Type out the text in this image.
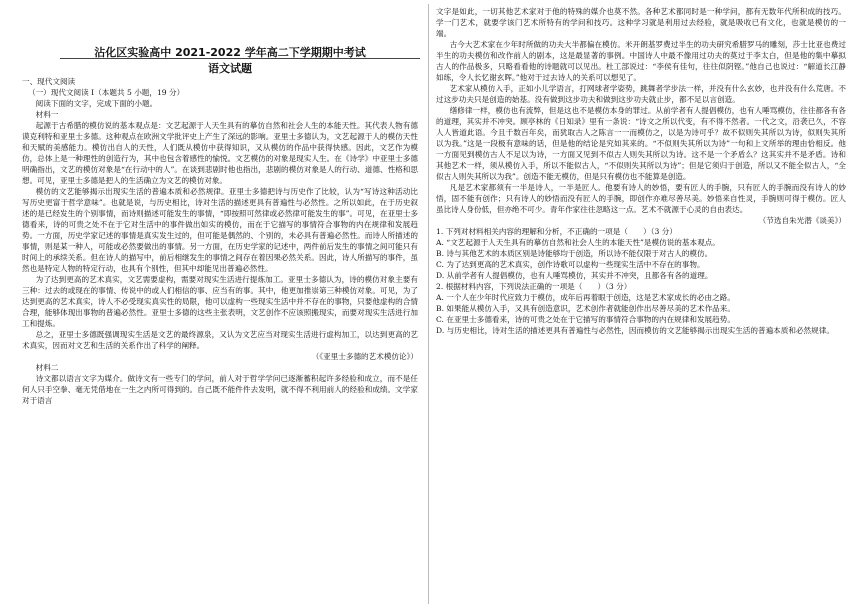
沾化区实验高中 2021-2022 学年高二下学期期中考试
语文试题

一、现代文阅读

（一）现代文阅读 I（本题共 5 小题，19 分）

阅读下面的文字，完成下面的小题。

材料一

起源于古希腊的模仿说的基本观点是：文艺起源于人天生具有的摹仿自然和社会人生的本能天性。其代表人物有德谟克利特和亚里士多德。这种观点在欧洲文学批评史上产生了深远的影响。亚里士多德认为，文艺起源于人的模仿天性和天赋的美感能力。模仿出自人的天性，人们既从模仿中获得知识，又从模仿的作品中获得快感。因此，文艺作为模仿，总体上是一种理性的创造行为，其中也包含着感性的愉悦。文艺模仿的对象是现实人生。在《诗学》中亚里士多德明确指出，文艺的模仿对象是“在行动中的人”。在谈到悲剧时他也指出，悲剧的模仿对象是人的行动、道德、性格和思想。可见，亚里士多德是把人的生活确立为文艺的模仿对象。

模仿的文艺能够揭示出现实生活的普遍本质和必然规律。亚里士多德把诗与历史作了比较，认为“写诗这种活动比写历史更富于哲学意味”。也就是说，与历史相比，诗对生活的描述更具有普遍性与必然性。之所以如此，在于历史叙述的是已经发生的个别事情，而诗则描述可能发生的事情，“即按照可然律或必然律可能发生的事”。可见，在亚里士多德看来，诗的可贵之处不在于它对生活中的事件做出如实的模仿，而在于它描写的事情符合事物的内在规律和发展趋势。一方面，历史学家记述的事情是真实发生过的，但可能是偶然的、个别的，未必具有普遍必然性。而诗人所描述的事情，则是某一种人，可能或必然要做出的事情。另一方面，在历史学家的记述中，两件前后发生的事情之间可能只有时间上的承续关系。但在诗人的描写中，前后相继发生的事情之间存在着因果必然关系。因此，诗人所描写的事件，虽然也是特定人物的特定行动，也具有个别性，但其中却能见出普遍必然性。

为了达到更高的艺术真实，文艺需要虚构，需要对现实生活进行提炼加工。亚里士多德认为，诗的模仿对象主要有三种：过去的或现在的事情、传说中的或人们相信的事、应当有的事。其中，他更加推崇第三种模仿对象。可见，为了达到更高的艺术真实，诗人不必受现实真实性的局限，他可以虚构一些现实生活中并不存在的事物，只要他虚构的合情合理，能够体现出事物的普遍必然性。亚里士多德的这些主张表明，文艺创作不应该照搬现实，而要对现实生活进行加工和提炼。

总之，亚里士多德既强调现实生活是文艺的最终源泉，又认为文艺应当对现实生活进行虚构加工，以达到更高的艺术真实，因而对文艺和生活的关系作出了科学的阐释。

（《亚里士多德的艺术模仿论》）

材料二

诗文都以语言文字为媒介。做诗文有一些专门的学问，前人对于哲学学问已逐渐蓄积起许多经验和成立，而不是任何人只手空拳、毫无凭借地在一生之内所可得到的。自己既不能件件去发明，就不得不利用前人的经验和成绩。文学家对于语言

文字是如此，一切其他艺术家对于他的特殊的媒介也莫不然。各种艺术都同时是一种学问，都有无数年代所积成的技巧。学一门艺术，就要学该门艺术所特有的学问和技巧。这种学习就是利用过去经验，就是吸收已有文化，也就是模仿的一端。

古今大艺术家在少年时所做的功夫大半都偏在模仿。米开朗基罗费过半生的功夫研究希腊罗马的雕刻，莎士比亚也费过半生的功夫模仿和改作前人的剧本，这是最显著的事例。中国诗人中最不像用过功夫的莫过于李太白，但是他的集中摹拟古人的作品极多，只略看看他的诗题就可以见出。杜工部说过：“李侯有佳句，往往似阴铿。”他自己也说过：“解道长江静如练，令人长忆谢玄晖。”他对于过去诗人的关系可以想见了。

艺术家从模仿入手，正如小儿学语言，打网球者学姿势，跳舞者学步法一样，并没有什么玄妙，也并没有什么荒唐。不过这步功夫只是创造的始基。没有做到这步功夫和做到这步功夫就止步，都不足以言创造。

缮修律一样，模仿也有流弊，但是这也不是模仿本身的罪过。从前学者有人提倡模仿，也有人唾骂模仿，往往都各有各的道理，其实并不冲突。顾亭林的《日知录》里有一条说：“诗文之所以代变，有不得不然者。一代之文，沿袭已久，不容人人皆道此语。今且千数百年矣，而犹取古人之陈言一一而模仿之，以是为诗可乎？故不似则失其所以为诗，似则失其所以为我。”这是一段极有意味的话，但是他的结论是究如其来的。“不似则失其所以为诗”一句和上文所举的理由恰相反。他一方面见到模仿古人不足以为诗，一方面又见到不似古人则失其所以为诗。这不是一个矛盾么？这其实并不是矛盾。诗和其他艺术一样，须从模仿入手，所以不能似古人，“不似则失其所以为诗”；但是它须归于创造，所以又不能全似古人，“全似古人则失其所以为我”。创造不能无模仿，但是只有模仿也不能算是创造。

凡是艺术家都须有一半是诗人，一半是匠人。他要有诗人的妙悟，要有匠人的手腕，只有匠人的手腕而没有诗人的妙悟，固不能有创作；只有诗人的妙悟而没有匠人的手腕，即创作亦难尽善尽美。妙悟来自性灵，手腕则可得于模仿。匠人虽比诗人身份低，但亦绝不可少。青年作家往往忽略这一点。艺术不就源于心灵的自由表达。

（节选自朱光潜《谈美》）

1. 下列对材料相关内容的理解和分析，不正确的一项是（　　）（3 分）

A. “文艺起源于人天生具有的摹仿自然和社会人生的本能天性”是模仿说的基本观点。

B. 诗与其他艺术的本质区别是诗能够均于创造，所以诗不能仅限于对古人的模仿。

C. 为了达到更高的艺术真实，创作诗歌可以虚构一些现实生活中不存在的事物。

D. 从前学者有人提倡模仿，也有人唾骂模仿，其实并不冲突，且都各有各的道理。

2. 根据材料内容，下列说法正确的一项是（　　）（3 分）

A. 一个人在少年时代应致力于模仿，成年后再着眼于创造，这是艺术家成长的必由之路。

B. 如果能从模仿入手，又具有创造意识，艺术创作者就能创作出尽善尽美的艺术作品来。

C. 在亚里士多德看来，诗的可贵之处在于它描写的事情符合事物的内在规律和发展趋势。

D. 与历史相比，诗对生活的描述更具有普遍性与必然性，因而模仿的文艺能够揭示出现实生活的普遍本质和必然规律。
